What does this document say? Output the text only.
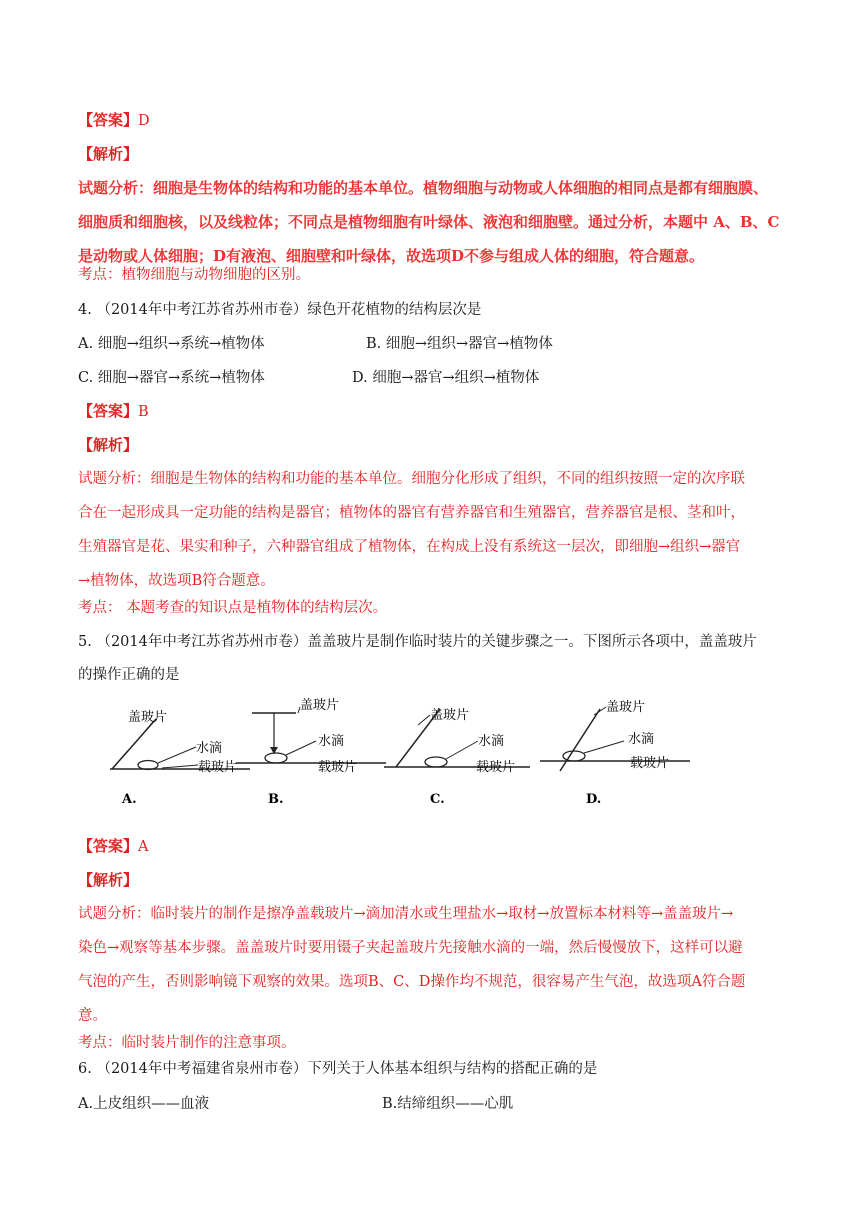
【答案】D
【解析】
试题分析：细胞是生物体的结构和功能的基本单位。植物细胞与动物或人体细胞的相同点是都有细胞膜、
细胞质和细胞核，以及线粒体；不同点是植物细胞有叶绿体、液泡和细胞壁。通过分析，本题中 A、B、C
是动物或人体细胞；D有液泡、细胞壁和叶绿体，故选项D不参与组成人体的细胞，符合题意。
考点：植物细胞与动物细胞的区别。
4. （2014年中考江苏省苏州市卷）绿色开花植物的结构层次是
A. 细胞→组织→系统→植物体	B. 细胞→组织→器官→植物体
C. 细胞→器官→系统→植物体	D. 细胞→器官→组织→植物体
【答案】B
【解析】
试题分析：细胞是生物体的结构和功能的基本单位。细胞分化形成了组织，不同的组织按照一定的次序联
合在一起形成具一定功能的结构是器官；植物体的器官有营养器官和生殖器官，营养器官是根、茎和叶，
生殖器官是花、果实和种子，六种器官组成了植物体，在构成上没有系统这一层次，即细胞→组织→器官
→植物体，故选项B符合题意。
考点： 本题考查的知识点是植物体的结构层次。
5. （2014年中考江苏省苏州市卷）盖盖玻片是制作临时装片的关键步骤之一。下图所示各项中，盖盖玻片
的操作正确的是
盖玻片
水滴
载玻片
A.
盖玻片
水滴
载玻片
B.
盖玻片
水滴
载玻片
C.
盖玻片
水滴
载玻片
D.
【答案】A
【解析】
试题分析：临时装片的制作是擦净盖载玻片→滴加清水或生理盐水→取材→放置标本材料等→盖盖玻片→
染色→观察等基本步骤。盖盖玻片时要用镊子夹起盖玻片先接触水滴的一端，然后慢慢放下，这样可以避
气泡的产生，否则影响镜下观察的效果。选项B、C、D操作均不规范，很容易产生气泡，故选项A符合题
意。
考点：临时装片制作的注意事项。
6. （2014年中考福建省泉州市卷）下列关于人体基本组织与结构的搭配正确的是
A.上皮组织——血液	B.结缔组织——心肌
